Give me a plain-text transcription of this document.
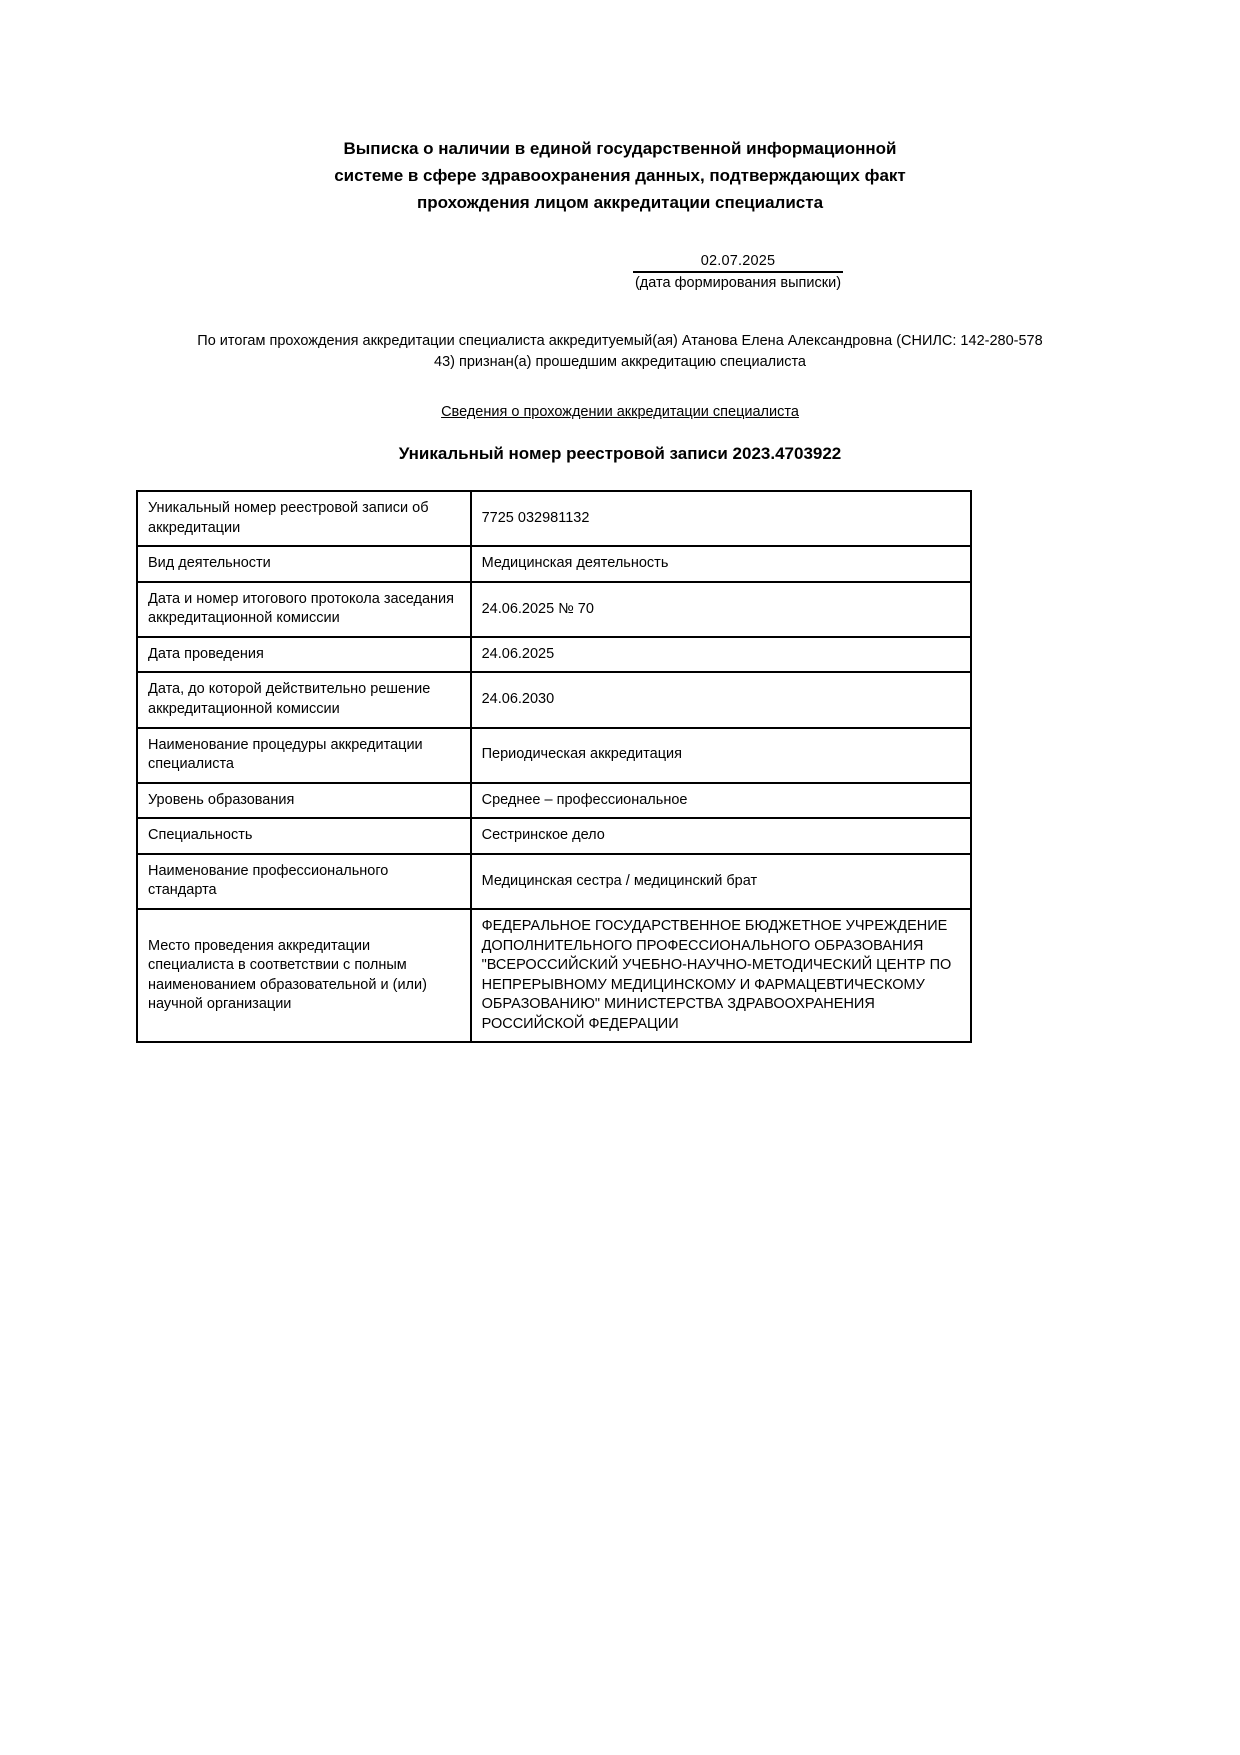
Выписка о наличии в единой государственной информационной системе в сфере здравоохранения данных, подтверждающих факт прохождения лицом аккредитации специалиста
02.07.2025
(дата формирования выписки)
По итогам прохождения аккредитации специалиста аккредитуемый(ая) Атанова Елена Александровна (СНИЛС: 142-280-578 43) признан(а) прошедшим аккредитацию специалиста
Сведения о прохождении аккредитации специалиста
Уникальный номер реестровой записи 2023.4703922
Уникальный номер реестровой записи об аккредитации	7725 032981132
Вид деятельности	Медицинская деятельность
Дата и номер итогового протокола заседания аккредитационной комиссии	24.06.2025 № 70
Дата проведения	24.06.2025
Дата, до которой действительно решение аккредитационной комиссии	24.06.2030
Наименование процедуры аккредитации специалиста	Периодическая аккредитация
Уровень образования	Среднее – профессиональное
Специальность	Сестринское дело
Наименование профессионального стандарта	Медицинская сестра / медицинский брат
Место проведения аккредитации специалиста в соответствии с полным наименованием образовательной и (или) научной организации	ФЕДЕРАЛЬНОЕ ГОСУДАРСТВЕННОЕ БЮДЖЕТНОЕ УЧРЕЖДЕНИЕ ДОПОЛНИТЕЛЬНОГО ПРОФЕССИОНАЛЬНОГО ОБРАЗОВАНИЯ "ВСЕРОССИЙСКИЙ УЧЕБНО-НАУЧНО-МЕТОДИЧЕСКИЙ ЦЕНТР ПО НЕПРЕРЫВНОМУ МЕДИЦИНСКОМУ И ФАРМАЦЕВТИЧЕСКОМУ ОБРАЗОВАНИЮ" МИНИСТЕРСТВА ЗДРАВООХРАНЕНИЯ РОССИЙСКОЙ ФЕДЕРАЦИИ
